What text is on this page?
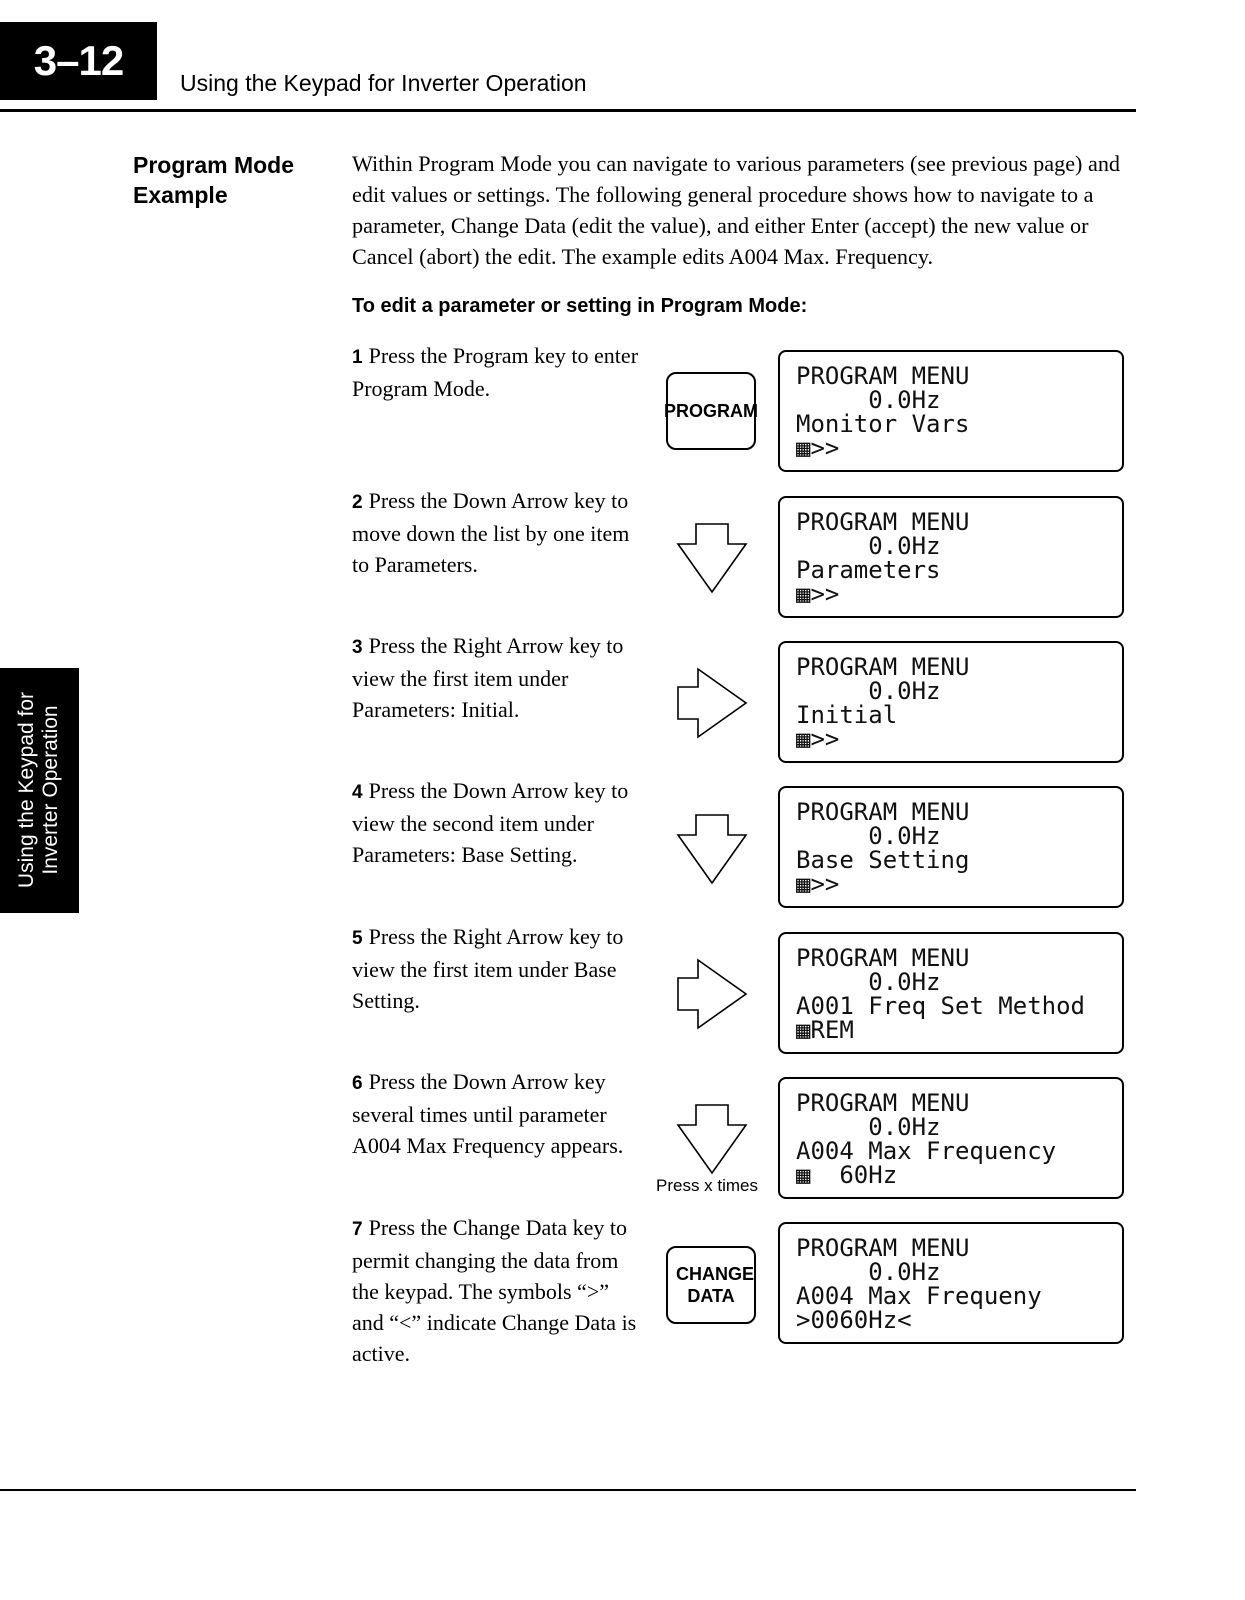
3–12	Using the Keypad for Inverter Operation
Using the Keypad for Inverter Operation
Program Mode Example
Within Program Mode you can navigate to various parameters (see previous page) and edit values or settings. The following general procedure shows how to navigate to a parameter, Change Data (edit the value), and either Enter (accept) the new value or Cancel (abort) the edit. The example edits A004 Max. Frequency.
To edit a parameter or setting in Program Mode:
1 Press the Program key to enter Program Mode.
PROGRAM
PROGRAM MENU
0.0Hz
Monitor Vars
▦>>
2 Press the Down Arrow key to move down the list by one item to Parameters.
PROGRAM MENU
0.0Hz
Parameters
▦>>
3 Press the Right Arrow key to view the first item under Parameters: Initial.
PROGRAM MENU
0.0Hz
Initial
▦>>
4 Press the Down Arrow key to view the second item under Parameters: Base Setting.
PROGRAM MENU
0.0Hz
Base Setting
▦>>
5 Press the Right Arrow key to view the first item under Base Setting.
PROGRAM MENU
0.0Hz
A001 Freq Set Method
▦REM
6 Press the Down Arrow key several times until parameter A004 Max Frequency appears.
Press x times
PROGRAM MENU
0.0Hz
A004 Max Frequency
▦  60Hz
7 Press the Change Data key to permit changing the data from the keypad. The symbols “>” and “<” indicate Change Data is active.
CHANGE DATA
PROGRAM MENU
0.0Hz
A004 Max Frequeny
>0060Hz<
